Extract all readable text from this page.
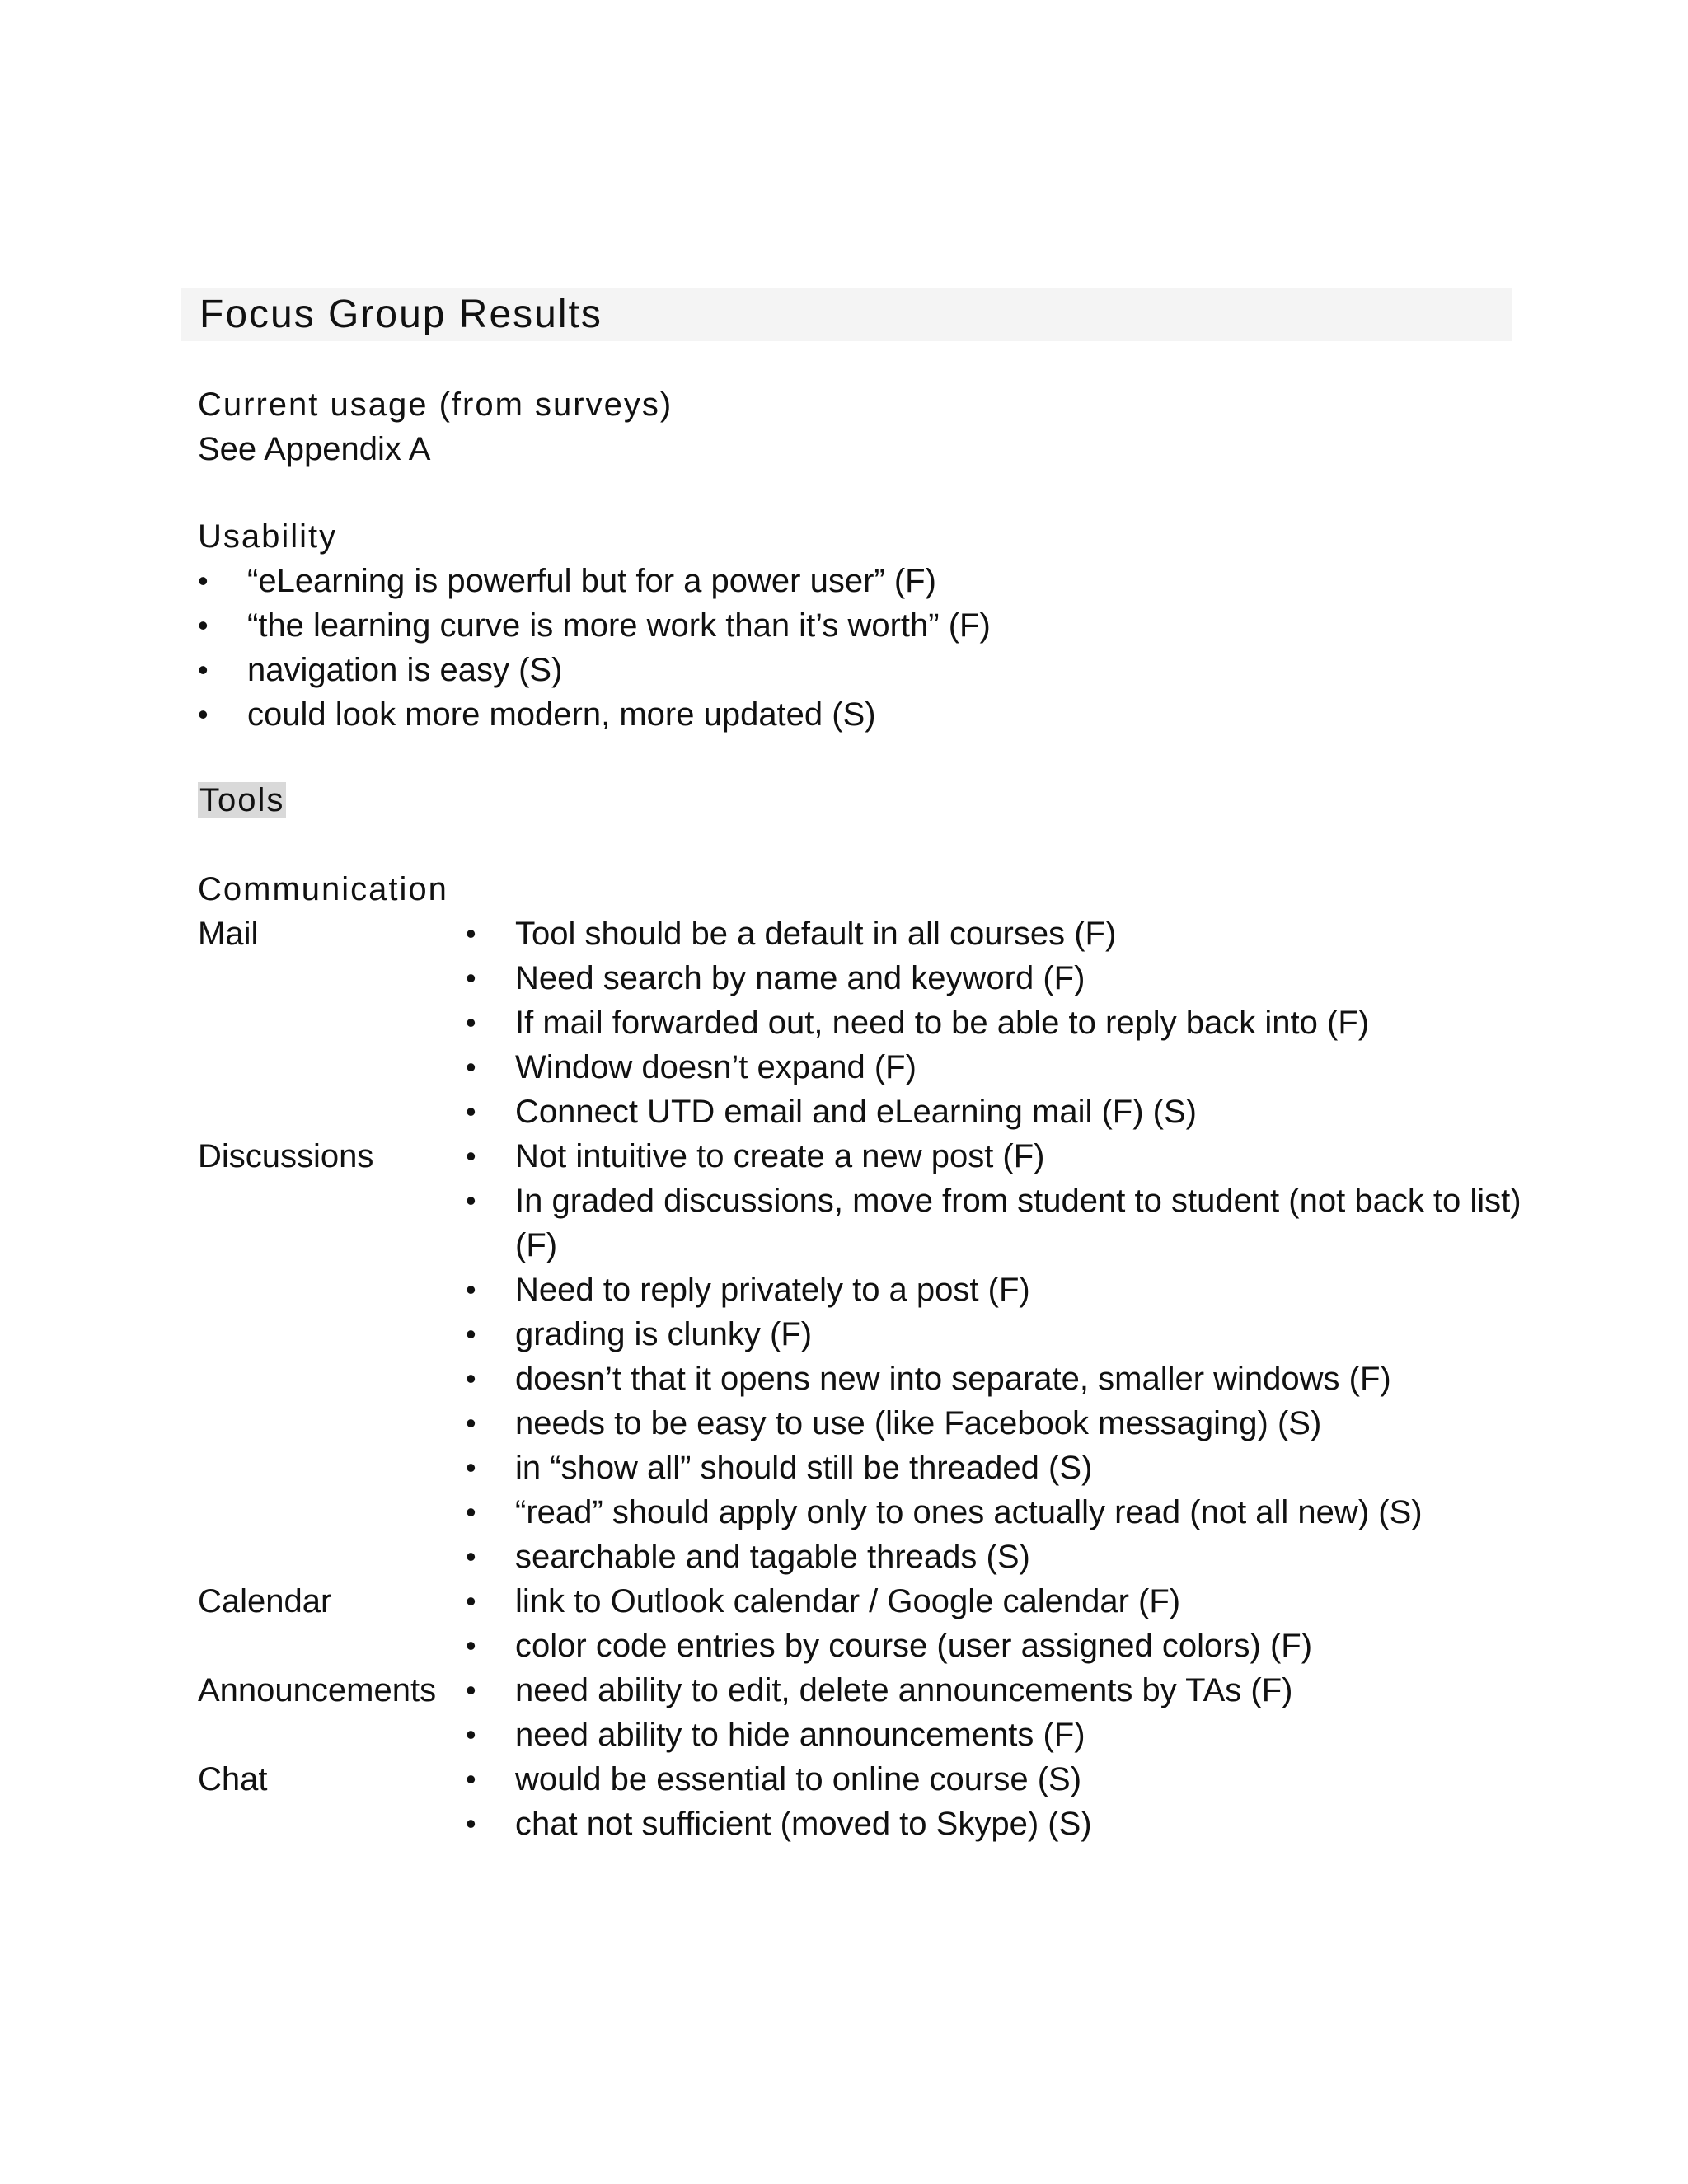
Focus Group Results
Current usage (from surveys)
See Appendix A
Usability
• “eLearning is powerful but for a power user” (F)
• “the learning curve is more work than it’s worth” (F)
• navigation is easy (S)
• could look more modern, more updated (S)
Tools
Communication
Mail	• Tool should be a default in all courses (F)
• Need search by name and keyword (F)
• If mail forwarded out, need to be able to reply back into (F)
• Window doesn’t expand (F)
• Connect UTD email and eLearning mail (F) (S)
Discussions	• Not intuitive to create a new post (F)
• In graded discussions, move from student to student (not back to list) (F)
• Need to reply privately to a post (F)
• grading is clunky (F)
• doesn’t that it opens new into separate, smaller windows (F)
• needs to be easy to use (like Facebook messaging) (S)
• in “show all” should still be threaded (S)
• “read” should apply only to ones actually read (not all new) (S)
• searchable and tagable threads (S)
Calendar	• link to Outlook calendar / Google calendar (F)
• color code entries by course (user assigned colors) (F)
Announcements • need ability to edit, delete announcements by TAs (F)
• need ability to hide announcements (F)
Chat	• would be essential to online course (S)
• chat not sufficient (moved to Skype) (S)
